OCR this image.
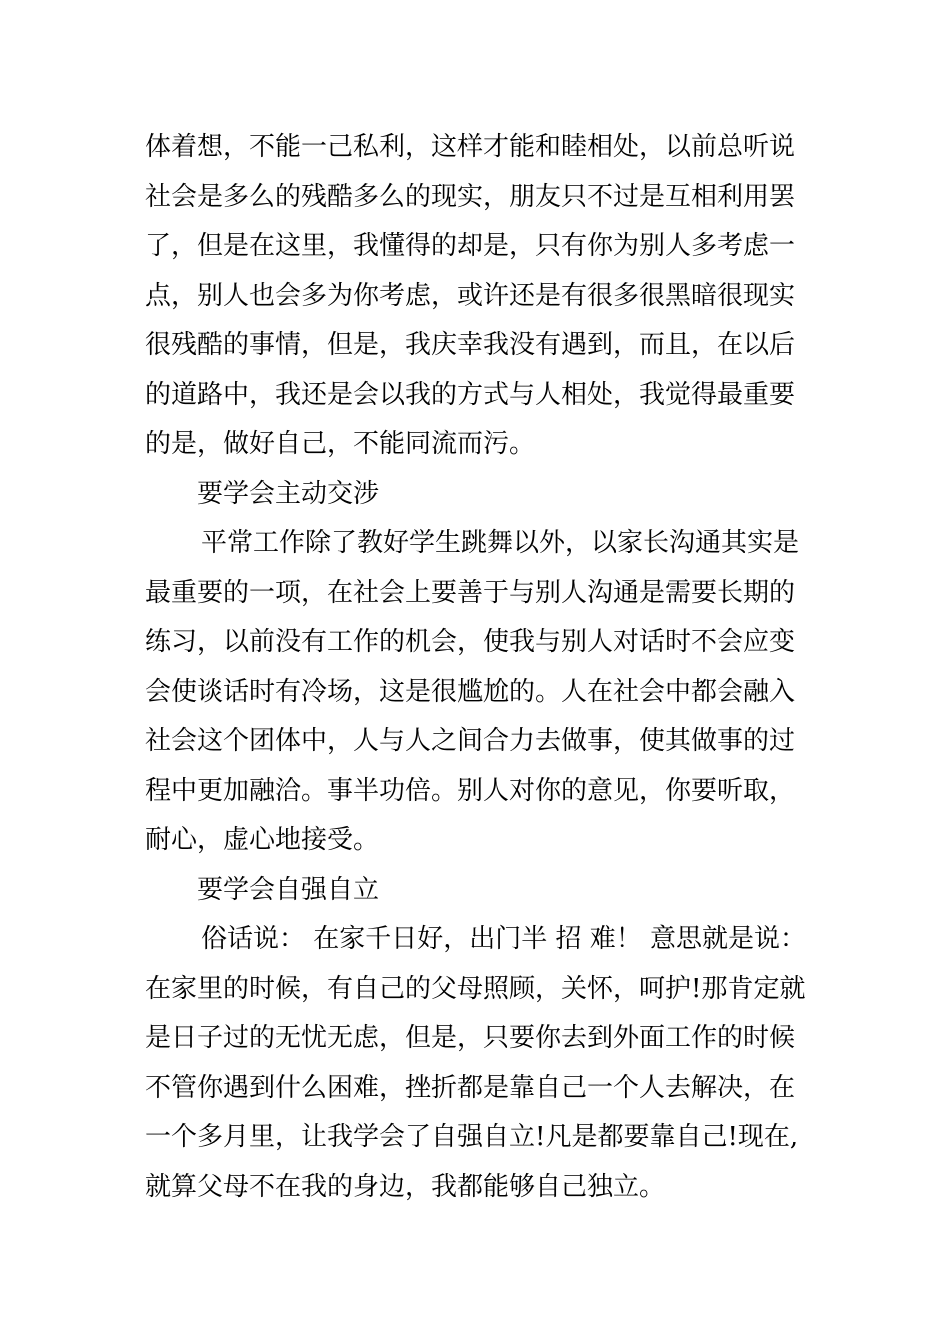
体着想，不能一己私利，这样才能和睦相处，以前总听说
社会是多么的残酷多么的现实，朋友只不过是互相利用罢
了，但是在这里，我懂得的却是，只有你为别人多考虑一
点，别人也会多为你考虑，或许还是有很多很黑暗很现实
很残酷的事情，但是，我庆幸我没有遇到，而且，在以后
的道路中，我还是会以我的方式与人相处，我觉得最重要
的是，做好自己，不能同流而污。
要学会主动交涉
平常工作除了教好学生跳舞以外，以家长沟通其实是
最重要的一项，在社会上要善于与别人沟通是需要长期的
练习，以前没有工作的机会，使我与别人对话时不会应变
会使谈话时有冷场，这是很尴尬的。人在社会中都会融入
社会这个团体中，人与人之间合力去做事，使其做事的过
程中更加融洽。事半功倍。别人对你的意见，你要听取，
耐心，虚心地接受。
要学会自强自立
俗话说： 在家千日好，出门半 招 难！ 意思就是说：
在家里的时候，有自己的父母照顾，关怀，呵护!那肯定就
是日子过的无忧无虑，但是，只要你去到外面工作的时候
不管你遇到什么困难，挫折都是靠自己一个人去解决，在
一个多月里，让我学会了自强自立!凡是都要靠自己!现在,
就算父母不在我的身边，我都能够自己独立。
